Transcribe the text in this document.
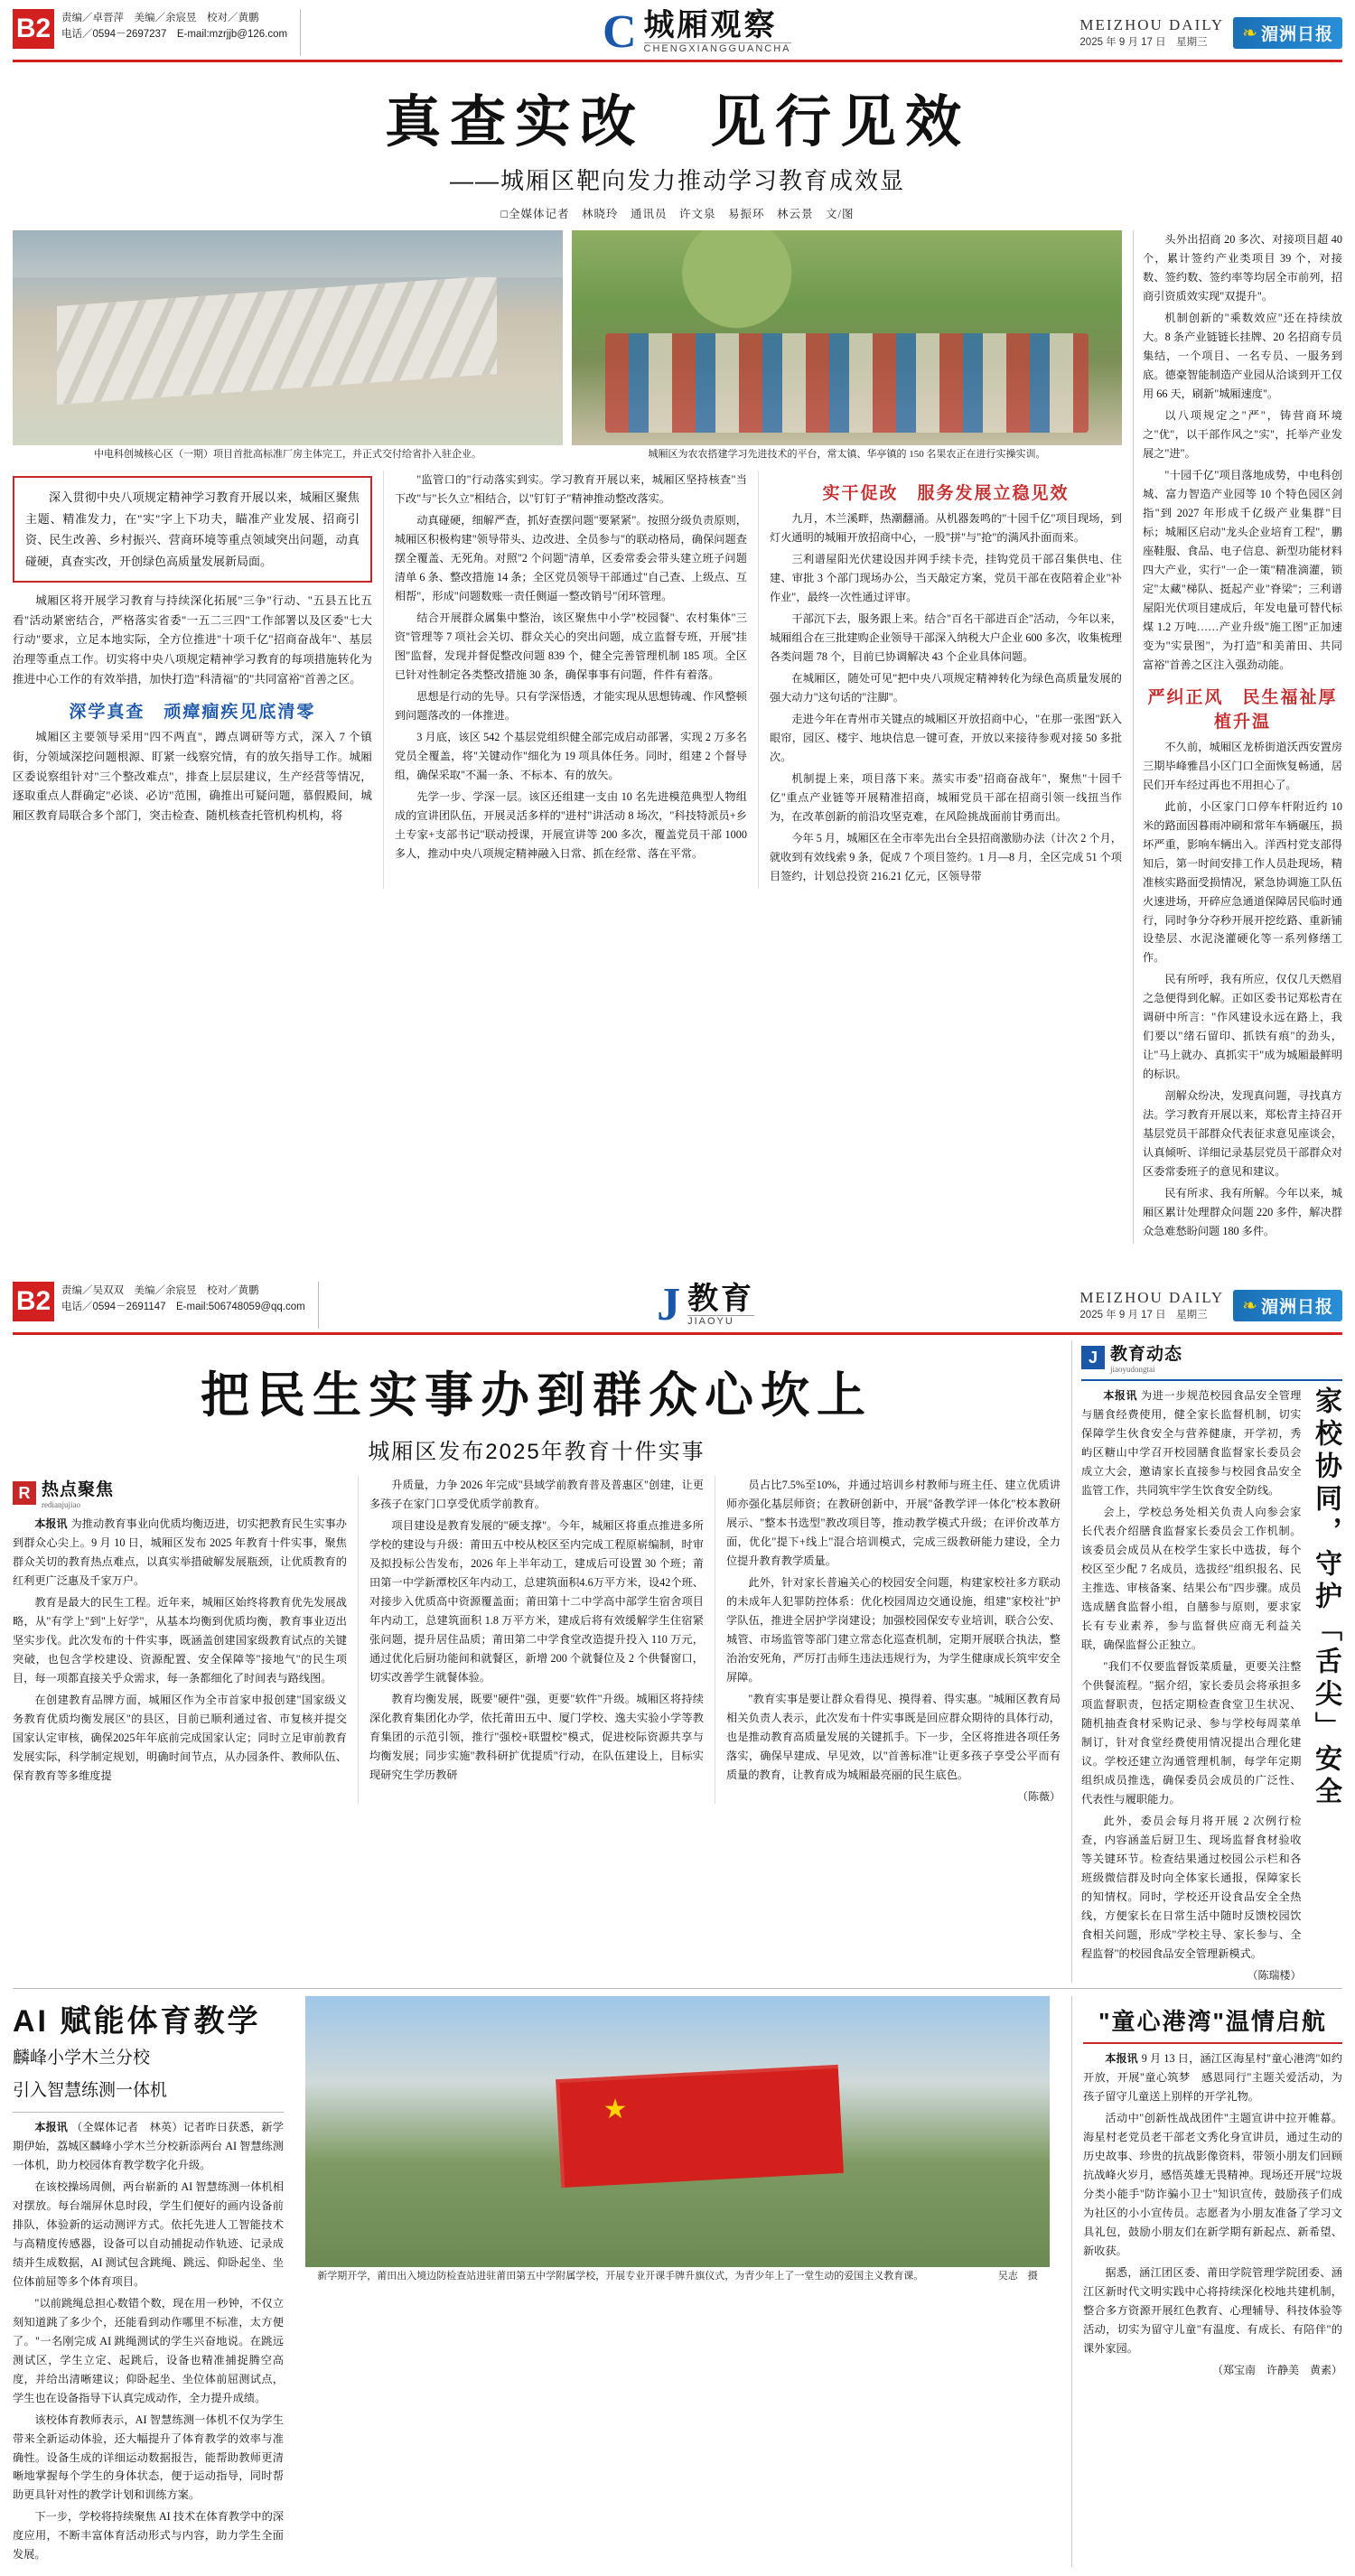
B2	责编／卓晋萍　美编／余宸昱　校对／黄鹏
电话／0594－2697237　E-mail:mzrjjb@126.com	C 城厢观察
CHENGXIANGGUANCHA
MEIZHOU DAILY
2025 年 9 月 17 日　星期三	❧ 湄洲日报
真查实改　见行见效
——城厢区靶向发力推动学习教育成效显
□全媒体记者　林晓玲　通讯员　许文泉　易振环　林云景　文/图
中电科创城核心区（一期）项目首批高标准厂房主体完工，并正式交付给省扑入驻企业。	城厢区为农农搭建学习先进技术的平台，常太镇、华亭镇的 150 名果农正在进行实操实训。
深入贯彻中央八项规定精神学习教育开展以来，城厢区聚焦主题、精准发力，在"实"字上下功夫，瞄准产业发展、招商引资、民生改善、乡村振兴、营商环境等重点领域突出问题，动真碰硬，真查实改，开创绿色高质量发展新局面。
城厢区将开展学习教育与持续深化拓展"三争"行动、"五县五比五看"活动紧密结合，严格落实省委"一五二三四"工作部署以及区委"七大行动"要求，立足本地实际，全方位推进"十项千亿"招商奋战年"、基层治理等重点工作。切实将中央八项规定精神学习教育的每项措施转化为推进中心工作的有效举措，加快打造"科清福"的"共同富裕"首善之区。
深学真查　顽瘴痼疾见底清零
城厢区主要领导采用"四不两直"，蹲点调研等方式，深入 7 个镇街，分领域深挖问题根源、盯紧一线察究情，有的放矢指导工作。城厢区委说察组针对"三个整改难点"，排查上层层建议，生产经营等情况，逐取重点人群确定"必谈、必访"范围，确推出可疑问题，慕假殿间，城厢区教育局联合多个部门，突击检查、随机核查托管机构机构，将
"监管口的"行动落实到实。学习教育开展以来，城厢区坚持核查"当下改"与"长久立"相结合，以"钉钉子"精神推动整改落实。
动真碰硬，细解严查，抓好查摆问题"要紧紧"。按照分级负责原则，城厢区积极构建"领导带头、边改进、全员参与"的联动格局，确保问题查摆全覆盖、无死角。对照"2 个问题"清单，区委常委会带头建立班子问题清单 6 条、整改措施 14 条；全区党员领导干部通过"自己查、上级点、互相帮"，形成"问题数账一责任侧逼一整改销号"闭环管理。
结合开展群众属集中整治，该区聚焦中小学"校园餐"、农村集体"三资"管理等 7 项社会关切、群众关心的突出问题，成立监督专班，开展"挂图"监督，发现并督促整改问题 839 个，健全完善管理机制 185 项。全区已针对性制定各类整改措施 30 条，确保事事有问题，件件有着落。
思想是行动的先导。只有学深悟透，才能实现从思想铸魂、作风整顿到问题落改的一体推进。
3 月底，该区 542 个基层党组织健全部完成启动部署，实现 2 万多名党员全覆盖，将"关键动作"细化为 19 项具体任务。同时，组建 2 个督导组，确保采取"不漏一条、不标本、有的放矢。
先学一步、学深一层。该区还组建一支由 10 名先进模范典型人物组成的宣讲团队伍，开展灵活多样的"进村"讲活动 8 场次，"科技特派员+乡土专家+支部书记"联动授课，开展宣讲等 200 多次，覆盖党员干部 1000 多人，推动中央八项规定精神融入日常、抓在经常、落在平常。
实干促改　服务发展立稳见效
九月，木兰溪畔，热潮翻涌。从机器轰鸣的"十园千亿"项目现场，到灯火通明的城厢开放招商中心，一股"拼"与"抢"的满风扑面而来。
三利谱屋阳光伏建设因并网手续卡壳，挂钩党员干部召集供电、住建、审批 3 个部门现场办公，当天敲定方案，党员干部在夜陪着企业"补作业"，最终一次性通过评审。
干部沉下去，服务跟上来。结合"百名干部进百企"活动，今年以来，城厢组合在三批建购企业领导干部深入纳税大户企业 600 多次，收集梳理各类问题 78 个，目前已协调解决 43 个企业具体问题。
在城厢区，随处可见"把中央八项规定精神转化为绿色高质量发展的强大动力"这句话的"注脚"。
走进今年在青州市关键点的城厢区开放招商中心，"在那一张图"跃入眼帘，园区、楼宇、地块信息一键可查，开放以来接待参观对接 50 多批次。
机制提上来，项目落下来。蒸实市委"招商奋战年"，聚焦"十园千亿"重点产业链等开展精准招商，城厢党员干部在招商引领一线扭当作为，在改革创新的前沿攻坚克难，在风险挑战面前甘勇而出。
今年 5 月，城厢区在全市率先出台全县招商激励办法（计次 2 个月，就收到有效线索 9 条，促成 7 个项目签约。1 月—8 月，全区完成 51 个项目签约，计划总投资 216.21 亿元，区领导带
头外出招商 20 多次、对接项目超 40 个，累计签约产业类项目 39 个，对接数、签约数、签约率等均居全市前列，招商引资质效实现"双提升"。
机制创新的"乘数效应"还在持续放大。8 条产业链链长挂牌、20 名招商专员集结，一个项目、一名专员、一服务到底。德豪智能制造产业园从洽谈到开工仅用 66 天，刷新"城厢速度"。
以八项规定之"严"，铸营商环境之"优"，以干部作风之"实"，托举产业发展之"进"。
"十园千亿"项目落地成势，中电科创城、富力智造产业园等 10 个特色园区剑指"到 2027 年形成千亿级产业集群"目标；城厢区启动"龙头企业培育工程"，鹏座鞋服、食品、电子信息、新型功能材料四大产业，实行"一企一策"精准滴灌，锁定"太藏"梯队、挺起产业"脊梁"；三利谱屋阳光伏项目建成后，年发电量可替代标煤 1.2 万吨……产业升级"施工图"正加速变为"实景图"，为打造"和美莆田、共同富裕"首善之区注入强劲动能。
严纠正风　民生福祉厚植升温
不久前，城厢区龙桥街道沃西安置房三期毕峰雅昌小区门口全面恢复畅通，居民们开车经过再也不用担心了。
此前，小区家门口停车杆附近约 10 米的路面因暮雨冲刷和常年车辆碾压，损坏严重，影响车辆出入。洋西村党支部得知后，第一时间安排工作人员赴现场，精准核实路面受损情况，紧急协调施工队伍火速进场，开碎应急通道保障居民临时通行，同时争分夺秒开展开挖纥路、重新铺设垫层、水泥浇灌硬化等一系列修缮工作。
民有所呼，我有所应，仅仅几天燃眉之急便得到化解。正如区委书记郑松青在调研中所言："作风建设永远在路上，我们要以"绪石留印、抓铁有痕"的劲头，让"马上就办、真抓实干"成为城厢最鲜明的标识。
剖解众纷决，发现真问题，寻找真方法。学习教育开展以来，郑松青主持召开基层党员干部群众代表征求意见座谈会，认真倾听、详细记录基层党员干部群众对区委常委班子的意见和建议。
民有所求、我有所解。今年以来，城厢区累计处理群众问题 220 多件，解决群众急难愁盼问题 180 多件。
B2	责编／吴双双　美编／余宸昱　校对／黄鹏
电话／0594－2691147　E-mail:506748059@qq.com	J 教育
JIAOYU
MEIZHOU DAILY
2025 年 9 月 17 日　星期三	❧ 湄洲日报
把民生实事办到群众心坎上
城厢区发布2025年教育十件实事
R 热点聚焦
redianjujiao
本报讯 为推动教育事业向优质均衡迈进，切实把教育民生实事办到群众心尖上。9 月 10 日，城厢区发布 2025 年教育十件实事，聚焦群众关切的教育热点难点，以真实举措破解发展瓶颈，让优质教育的红利更广泛惠及千家万户。
教育是最大的民生工程。近年来，城厢区始终将教育优先发展战略，从"有学上"到"上好学"，从基本均衡到优质均衡，教育事业迈出坚实步伐。此次发布的十件实事，既涵盖创建国家级教育试点的关键突破，也包含学校建设、资源配置、安全保障等"接地气"的民生项目，每一项都直接关乎众需求，每一条都细化了时间表与路线图。
在创建教育品牌方面，城厢区作为全市首家申报创建"国家级义务教育优质均衡发展区"的县区，目前已顺利通过省、市复核并提交国家认定审核，确保2025年年底前完成国家认定；同时立足审前教育发展实际，科学制定规划，明确时间节点，从办园条件、教师队伍、保育教育等多维度提
升质量，力争 2026 年完成"县域学前教育普及普惠区"创建，让更多孩子在家门口享受优质学前教育。
项目建设是教育发展的"硬支撑"。今年，城厢区将重点推进多所学校的建设与升级：莆田五中校从校区至内完成工程原崭编制，时审及拟投标公告发布，2026 年上半年动工，建成后可设置 30 个班；莆田第一中学新潭校区年内动工，总建筑面积4.6万平方米，设42个班、对接步入优质高中资源覆盖面；莆田第十二中学高中部学生宿舍项目年内动工，总建筑面积 1.8 万平方米，建成后将有效缓解学生住宿紧张问题，提升居住品质；莆田第二中学食堂改造提升投入 110 万元，通过优化后厨功能间和就餐区，新增 200 个就餐位及 2 个供餐窗口，切实改善学生就餐体验。
教育均衡发展，既要"硬件"强，更要"软件"升级。城厢区将持续深化教育集团化办学，依托莆田五中、厦门学校、逸夫实验小学等教育集团的示范引领，推行"强校+联盟校"模式，促进校际资源共享与均衡发展；同步实施"教科研扩优提质"行动，在队伍建设上，目标实现研究生学历教研
员占比7.5%至10%，并通过培训乡村教师与班主任、建立优质讲师亦强化基层师资；在教研创新中，开展"备教学评一体化"校本教研展示、"整本书选型"教改项目等，推动教学模式升级；在评价改革方面，优化"提下+线上"混合培训模式，完成三级教研能力建设，全力位提升教育教学质量。
此外，针对家长普遍关心的校园安全问题，构建家校社多方联动的未成年人犯罪防控体系：优化校园周边交通设施，组建"家校社"护学队伍，推进全居护学岗建设；加强校园保安专业培训，联合公安、城管、市场监管等部门建立常态化巡查机制，定期开展联合执法，整治治安死角，严厉打击师生违法违规行为，为学生健康成长筑牢安全屏障。
"教育实事是要让群众看得见、摸得着、得实惠。"城厢区教育局相关负责人表示，此次发布十件实事既是回应群众期待的具体行动，也是推动教育高质量发展的关键抓手。下一步，全区将推进各项任务落实，确保早建成、早见效，以"首善标准"让更多孩子享受公平而有质量的教育，让教育成为城厢最亮丽的民生底色。
（陈薇）
J 教育动态
jiaoyudongtai
本报讯 为进一步规范校园食品安全管理与膳食经费使用，健全家长监督机制，切实保障学生伙食安全与营养健康，开学初，秀屿区糖山中学召开校园膳食监督家长委员会成立大会，邀请家长直接参与校园食品安全监管工作，共同筑牢学生饮食安全防线。
会上，学校总务处相关负责人向参会家长代表介绍膳食监督家长委员会工作机制。该委员会成员从在校学生家长中选拔，每个校区至少配 7 名成员，选拔经"组织报名、民主推选、审核备案、结果公布"四步骤。成员选成膳食监督小组，自膳参与原则，要求家长有专业素养，参与监督供应商无利益关联，确保监督公正独立。
"我们不仅要监督饭菜质量，更要关注整个供餐流程。"据介绍，家长委员会将承担多项监督职责，包括定期检查食堂卫生状况、随机抽查食材采购记录、参与学校每周菜单制订，针对食堂经费使用情况提出合理化建议。学校还建立沟通管理机制，每学年定期组织成员推选，确保委员会成员的广泛性、代表性与履职能力。
此外，委员会每月将开展 2 次例行检查，内容涵盖后厨卫生、现场监督食材验收等关键环节。检查结果通过校园公示栏和各班级微信群及时向全体家长通报，保障家长的知情权。同时，学校还开设食品安全全热线，方便家长在日常生活中随时反馈校园饮食相关问题，形成"学校主导、家长参与、全程监督"的校园食品安全管理新模式。
（陈瑞楼）
家校协同，守护「舌尖」安全
AI 赋能体育教学
麟峰小学木兰分校
引入智慧练测一体机
本报讯 （全媒体记者　林英）记者昨日获悉，新学期伊始，荔城区麟峰小学木兰分校新添两台 AI 智慧练测一体机，助力校园体育教学数字化升级。
在该校操场周侧，两台崭新的 AI 智慧练测一体机相对摆放。每台端屏休息时段，学生们便好的画内设备前排队，体验新的运动测评方式。依托先进人工智能技术与高精度传感器，设备可以自动捕捉动作轨迹、记录成绩并生成数据，AI 测试包含跳绳、跳远、仰卧起坐、坐位体前屈等多个体育项目。
"以前跳绳总担心数错个数，现在用一秒钟，不仅立刻知道跳了多少个，还能看到动作哪里不标准，太方便了。"一名刚完成 AI 跳绳测试的学生兴奋地说。在跳远测试区，学生立定、起跳后，设备也精准捕捉腾空高度，并给出清晰建议；仰卧起坐、坐位体前屈测试点，学生也在设备指导下认真完成动作，全力提升成绩。
该校体育教师表示，AI 智慧练测一体机不仅为学生带来全新运动体验，还大幅提升了体育教学的效率与准确性。设备生成的详细运动数据报告，能帮助教师更清晰地掌握每个学生的身体状态，便于运动指导，同时帮助更具针对性的教学计划和训练方案。
下一步，学校将持续聚焦 AI 技术在体育教学中的深度应用，不断丰富体育活动形式与内容，助力学生全面发展。
★
新学期开学，莆田出入境边防检查站进驻莆田第五中学附属学校，开展专业开课手牌升旗仪式，为青少年上了一堂生动的爱国主义教育课。　　　　　　　　吴志　摄
"童心港湾"温情启航
本报讯 9 月 13 日，涵江区海星村"童心港湾"如约开放，开展"童心筑梦　感恩同行"主题关爱活动，为孩子留守儿童送上别样的开学礼物。
活动中"创新性战战团件"主题宣讲中拉开帷幕。海星村老党员老干部老文秀化身宣讲员，通过生动的历史故事、珍贵的抗战影像资料，带领小朋友们回顾抗战峰火岁月，感悟英雄无畏精神。现场还开展"垃圾分类小能手"防诈骗小卫士"知识宣传，鼓励孩子们成为社区的小小宣传员。志愿者为小朋友准备了学习文具礼包，鼓励小朋友们在新学期有新起点、新希望、新收获。
据悉，涵江团区委、莆田学院管理学院团委、涵江区新时代文明实践中心将持续深化校地共建机制，整合多方资源开展红色教育、心理辅导、科技体验等活动，切实为留守儿童"有温度、有成长、有陪伴"的课外家园。
（郑宝南　许静美　黄素）
